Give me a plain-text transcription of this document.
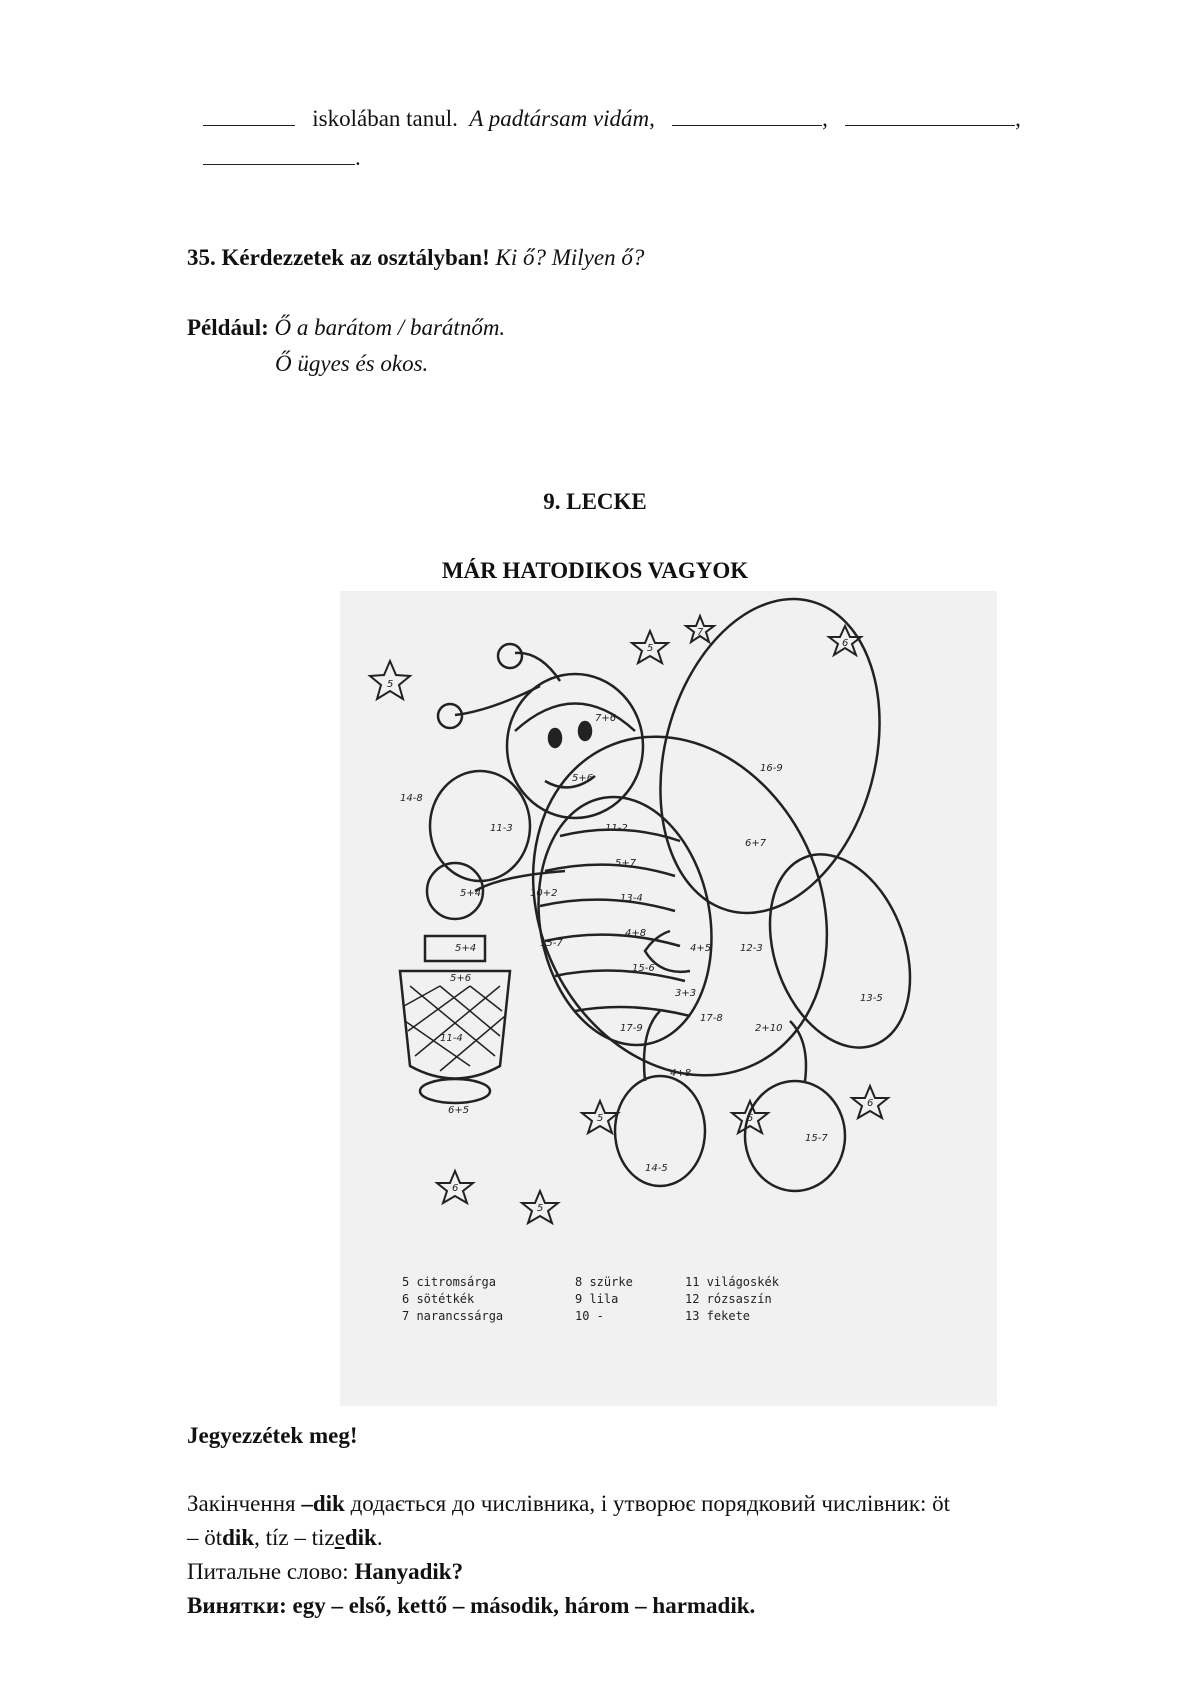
iskolában tanul. A padtársam vidám,	,	,
.
35. Kérdezzetek az osztályban! Ki ő? Milyen ő?
Például: Ő a barátom / barátnőm.
Ő ügyes és okos.
9. LECKE
MÁR HATODIKOS VAGYOK
7+6
5+6
14-8
11-3	11-2
5+7
10+2	13-4
5+4
4+8
15-7
15-6
4+5	12-3
6+7
16-9
5+4
5+6
3+3
17-8
2+10
17-9
11-4
6+5
4+8
13-5
15-7
14-5
5 citromsárga	8 szürke	11 világoskék
6 sötétkék	9 lila	12 rózsaszín
7 narancssárga	10 -	13 fekete
5
5
7
6
6
5
5	5
6
Jegyezzétek meg!
Закінчення –dik додається до числівника, і утворює порядковий числівник: öt
– ötdik, tíz – tizedik.
Питальне слово: Hanyadik?
Винятки: egy – első, kettő – második, három – harmadik.
